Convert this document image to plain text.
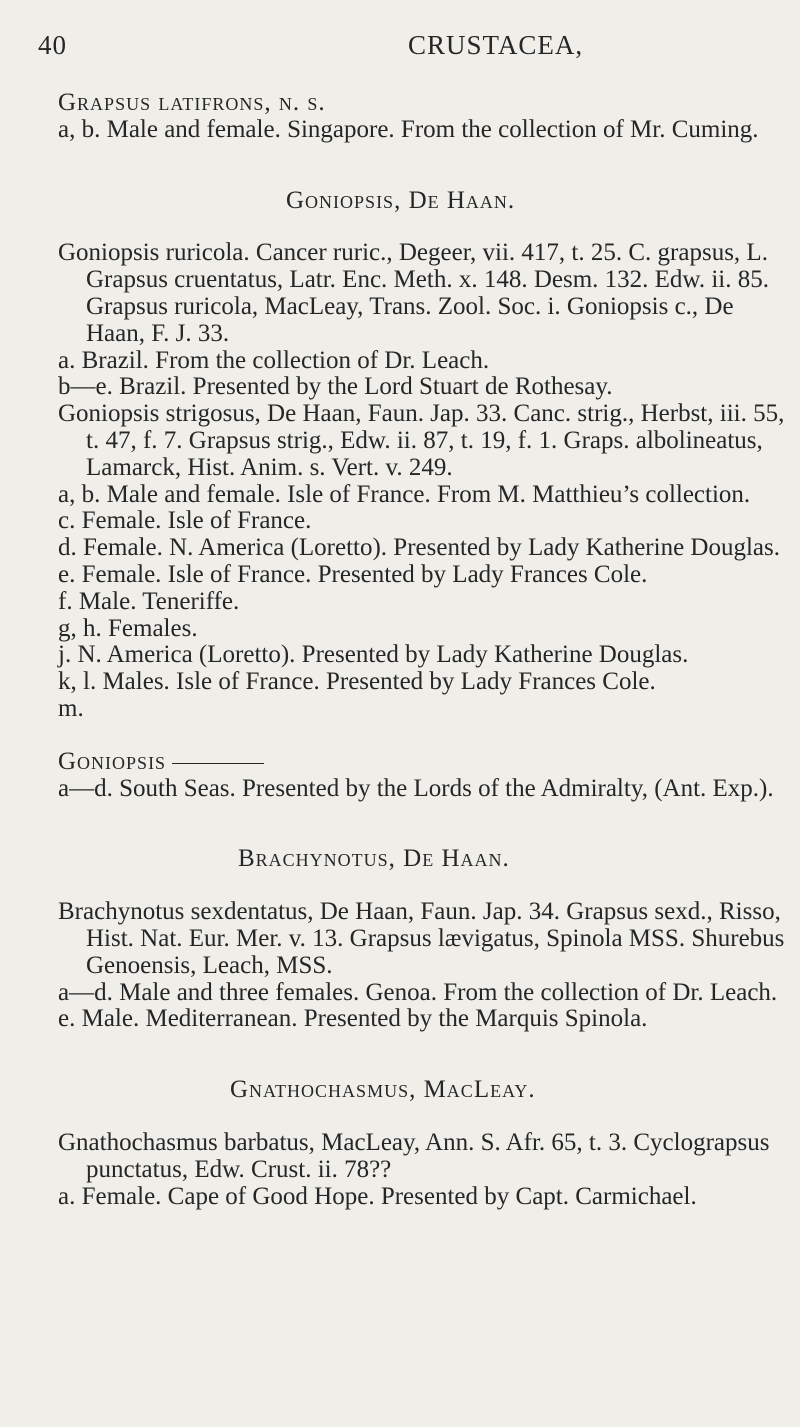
40	CRUSTACEA,

Grapsus latifrons, n. s.

a, b. Male and female. Singapore. From the collection of Mr. Cuming.

Goniopsis, De Haan.

Goniopsis ruricola. Cancer ruric., Degeer, vii. 417, t. 25. C. grapsus, L. Grapsus cruentatus, Latr. Enc. Meth. x. 148. Desm. 132. Edw. ii. 85. Grapsus ruricola, MacLeay, Trans. Zool. Soc. i. Goniopsis c., De Haan, F. J. 33.

a. Brazil. From the collection of Dr. Leach.

b—e. Brazil. Presented by the Lord Stuart de Rothesay.

Goniopsis strigosus, De Haan, Faun. Jap. 33. Canc. strig., Herbst, iii. 55, t. 47, f. 7. Grapsus strig., Edw. ii. 87, t. 19, f. 1. Graps. albolineatus, Lamarck, Hist. Anim. s. Vert. v. 249.

a, b. Male and female. Isle of France. From M. Matthieu’s collection.

c. Female. Isle of France.

d. Female. N. America (Loretto). Presented by Lady Katherine Douglas.

e. Female. Isle of France. Presented by Lady Frances Cole.

f. Male. Teneriffe.

g, h. Females.

j. N. America (Loretto). Presented by Lady Katherine Douglas.

k, l. Males. Isle of France. Presented by Lady Frances Cole.

m.

Goniopsis

a—d. South Seas. Presented by the Lords of the Admiralty, (Ant. Exp.).

Brachynotus, De Haan.

Brachynotus sexdentatus, De Haan, Faun. Jap. 34. Grapsus sexd., Risso, Hist. Nat. Eur. Mer. v. 13. Grapsus lævigatus, Spinola MSS. Shurebus Genoensis, Leach, MSS.

a—d. Male and three females. Genoa. From the collection of Dr. Leach.

e. Male. Mediterranean. Presented by the Marquis Spinola.

Gnathochasmus, MacLeay.

Gnathochasmus barbatus, MacLeay, Ann. S. Afr. 65, t. 3. Cyclograpsus punctatus, Edw. Crust. ii. 78??

a. Female. Cape of Good Hope. Presented by Capt. Carmichael.
